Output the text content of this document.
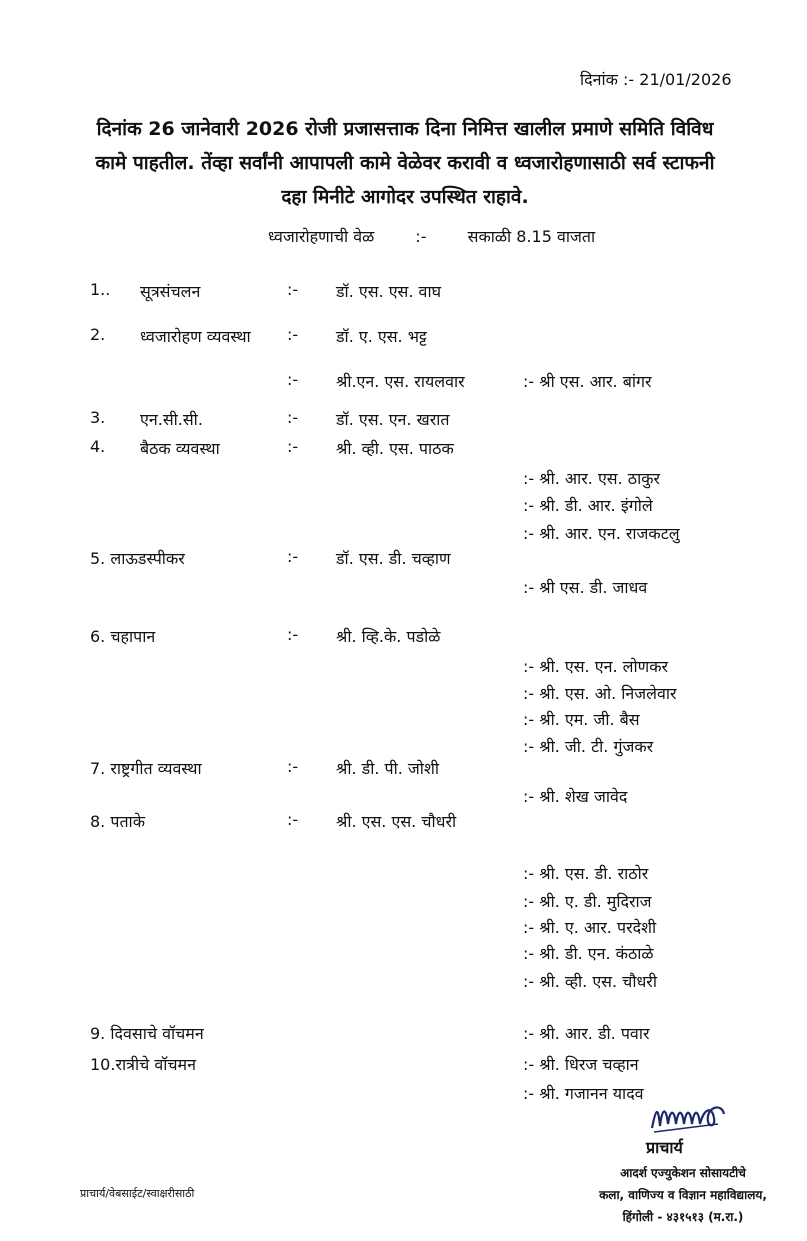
दिनांक :- 21/01/2026
दिनांक 26 जानेवारी 2026 रोजी प्रजासत्ताक दिना निमित्त खालील प्रमाणे समिति विविध
कामे पाहतील. तेंव्हा सर्वांनी आपापली कामे वेळेवर करावी व ध्वजारोहणासाठी सर्व स्टाफनी
दहा मिनीटे आगोदर उपस्थित राहावे.
ध्वजारोहणाची वेळ	:-	सकाळी 8.15 वाजता
1.. सूत्रसंचलन	:- डॉ. एस. एस. वाघ
2. ध्वजारोहण व्यवस्था :- डॉ. ए. एस. भट्ट
:- श्री.एन. एस. रायलवार	:- श्री एस. आर. बांगर
3. एन.सी.सी.	:- डॉ. एस. एन. खरात
4. बैठक व्यवस्था	:- श्री. व्ही. एस. पाठक
:- श्री. आर. एस. ठाकुर
:- श्री. डी. आर. इंगोले
:- श्री. आर. एन. राजकटलु
5. लाऊडस्पीकर	:- डॉ. एस. डी. चव्हाण
:- श्री एस. डी. जाधव
6. चहापान	:- श्री. व्हि.के. पडोळे
:- श्री. एस. एन. लोणकर
:- श्री. एस. ओ. निजलेवार
:- श्री. एम. जी. बैस
:- श्री. जी. टी. गुंजकर
7. राष्ट्रगीत व्यवस्था	:- श्री. डी. पी. जोशी
:- श्री. शेख जावेद
8. पताके	:- श्री. एस. एस. चौधरी
:- श्री. एस. डी. राठोर
:- श्री. ए. डी. मुदिराज
:- श्री. ए. आर. परदेशी
:- श्री. डी. एन. कंठाळे
:- श्री. व्ही. एस. चौधरी
9. दिवसाचे वॉचमन	:- श्री. आर. डी. पवार
10.रात्रीचे वॉचमन	:- श्री. धिरज चव्हान
:- श्री. गजानन यादव
प्राचार्य
आदर्श एज्युकेशन सोसायटीचे
कला, वाणिज्य व विज्ञान महाविद्यालय,
हिंगोली - ४३१५१३ (म.रा.)
प्राचार्य/वेबसाईट/स्वाक्षरीसाठी
